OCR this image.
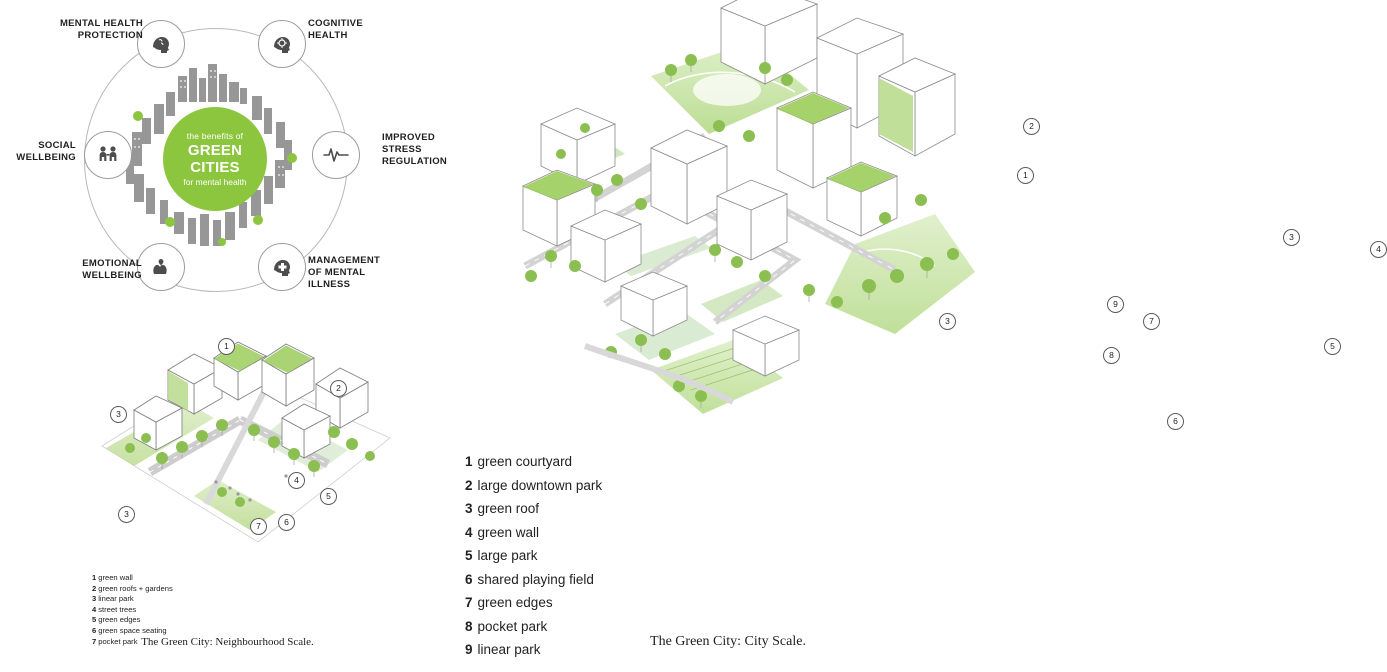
the benefits of
GREEN CITIES
for mental health
MENTAL HEALTH
PROTECTION
COGNITIVE
HEALTH
SOCIAL
WELLBEING
IMPROVED
STRESS
REGULATION
EMOTIONAL
WELLBEING
MANAGEMENT
OF MENTAL
ILLNESS
1
2
3
3
4
5
6
7
1 green wall
2 green roofs + gardens
3 linear park
4 street trees
5 green edges
6 green space seating
7 pocket park The Green City: Neighbourhood Scale.
2
1
3
3
4
5
6
7
8
9
1 green courtyard
2 large downtown park
3 green roof
4 green wall
5 large park
6 shared playing field
7 green edges
8 pocket park
9 linear park
The Green City: City Scale.
